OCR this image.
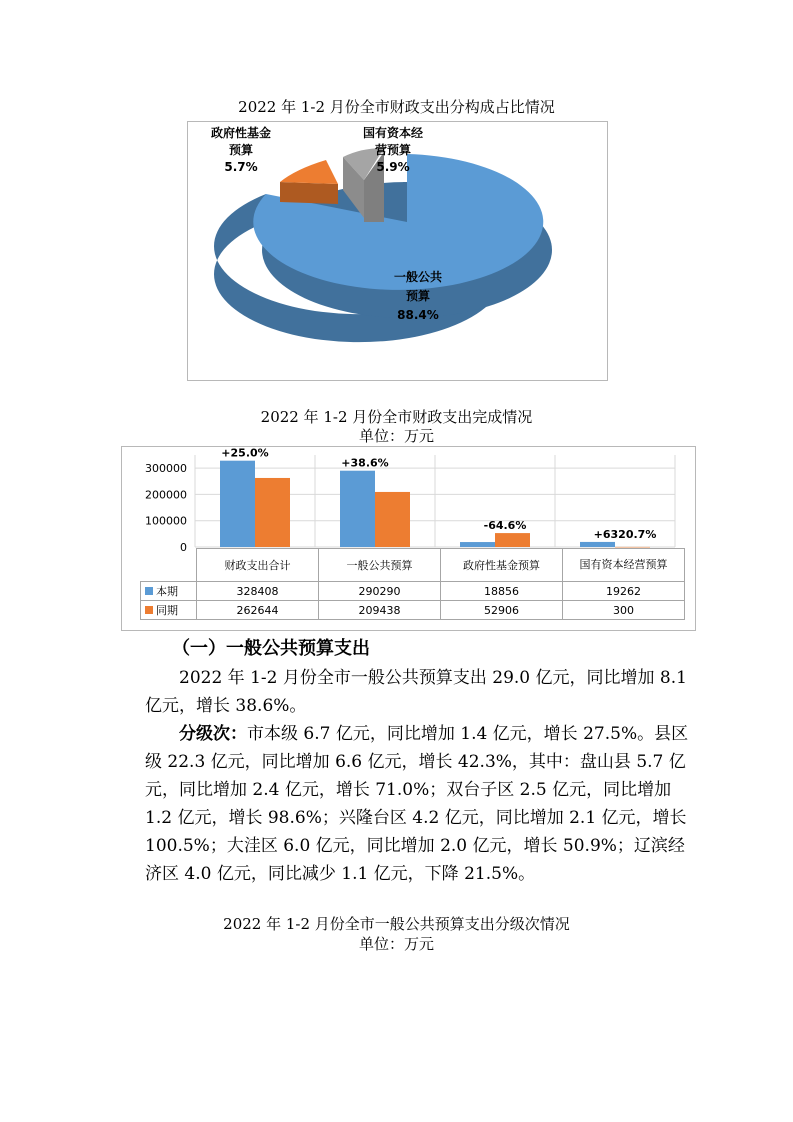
2022 年 1-2 月份全市财政支出分构成占比情况
政府性基金
预算
5.7%
国有资本经
营预算
5.9%
一般公共
预算
88.4%
2022 年 1-2 月份全市财政支出完成情况
单位：万元
0
100000
200000
300000
+25.0%
+38.6%
-64.6%
+6320.7%
	财政支出合计	一般公共预算	政府性基金预算	国有资本经营预算
本期	328408	290290	18856	19262
同期	262644	209438	52906	300
（一）一般公共预算支出
2022 年 1-2 月份全市一般公共预算支出 29.0 亿元，同比增加 8.1 亿元，增长 38.6%。
分级次：市本级 6.7 亿元，同比增加 1.4 亿元，增长 27.5%。县区级 22.3 亿元，同比增加 6.6 亿元，增长 42.3%，其中：盘山县 5.7 亿元，同比增加 2.4 亿元，增长 71.0%；双台子区 2.5 亿元，同比增加 1.2 亿元，增长 98.6%；兴隆台区 4.2 亿元，同比增加 2.1 亿元，增长 100.5%；大洼区 6.0 亿元，同比增加 2.0 亿元，增长 50.9%；辽滨经济区 4.0 亿元，同比减少 1.1 亿元，下降 21.5%。
2022 年 1-2 月份全市一般公共预算支出分级次情况
单位：万元
